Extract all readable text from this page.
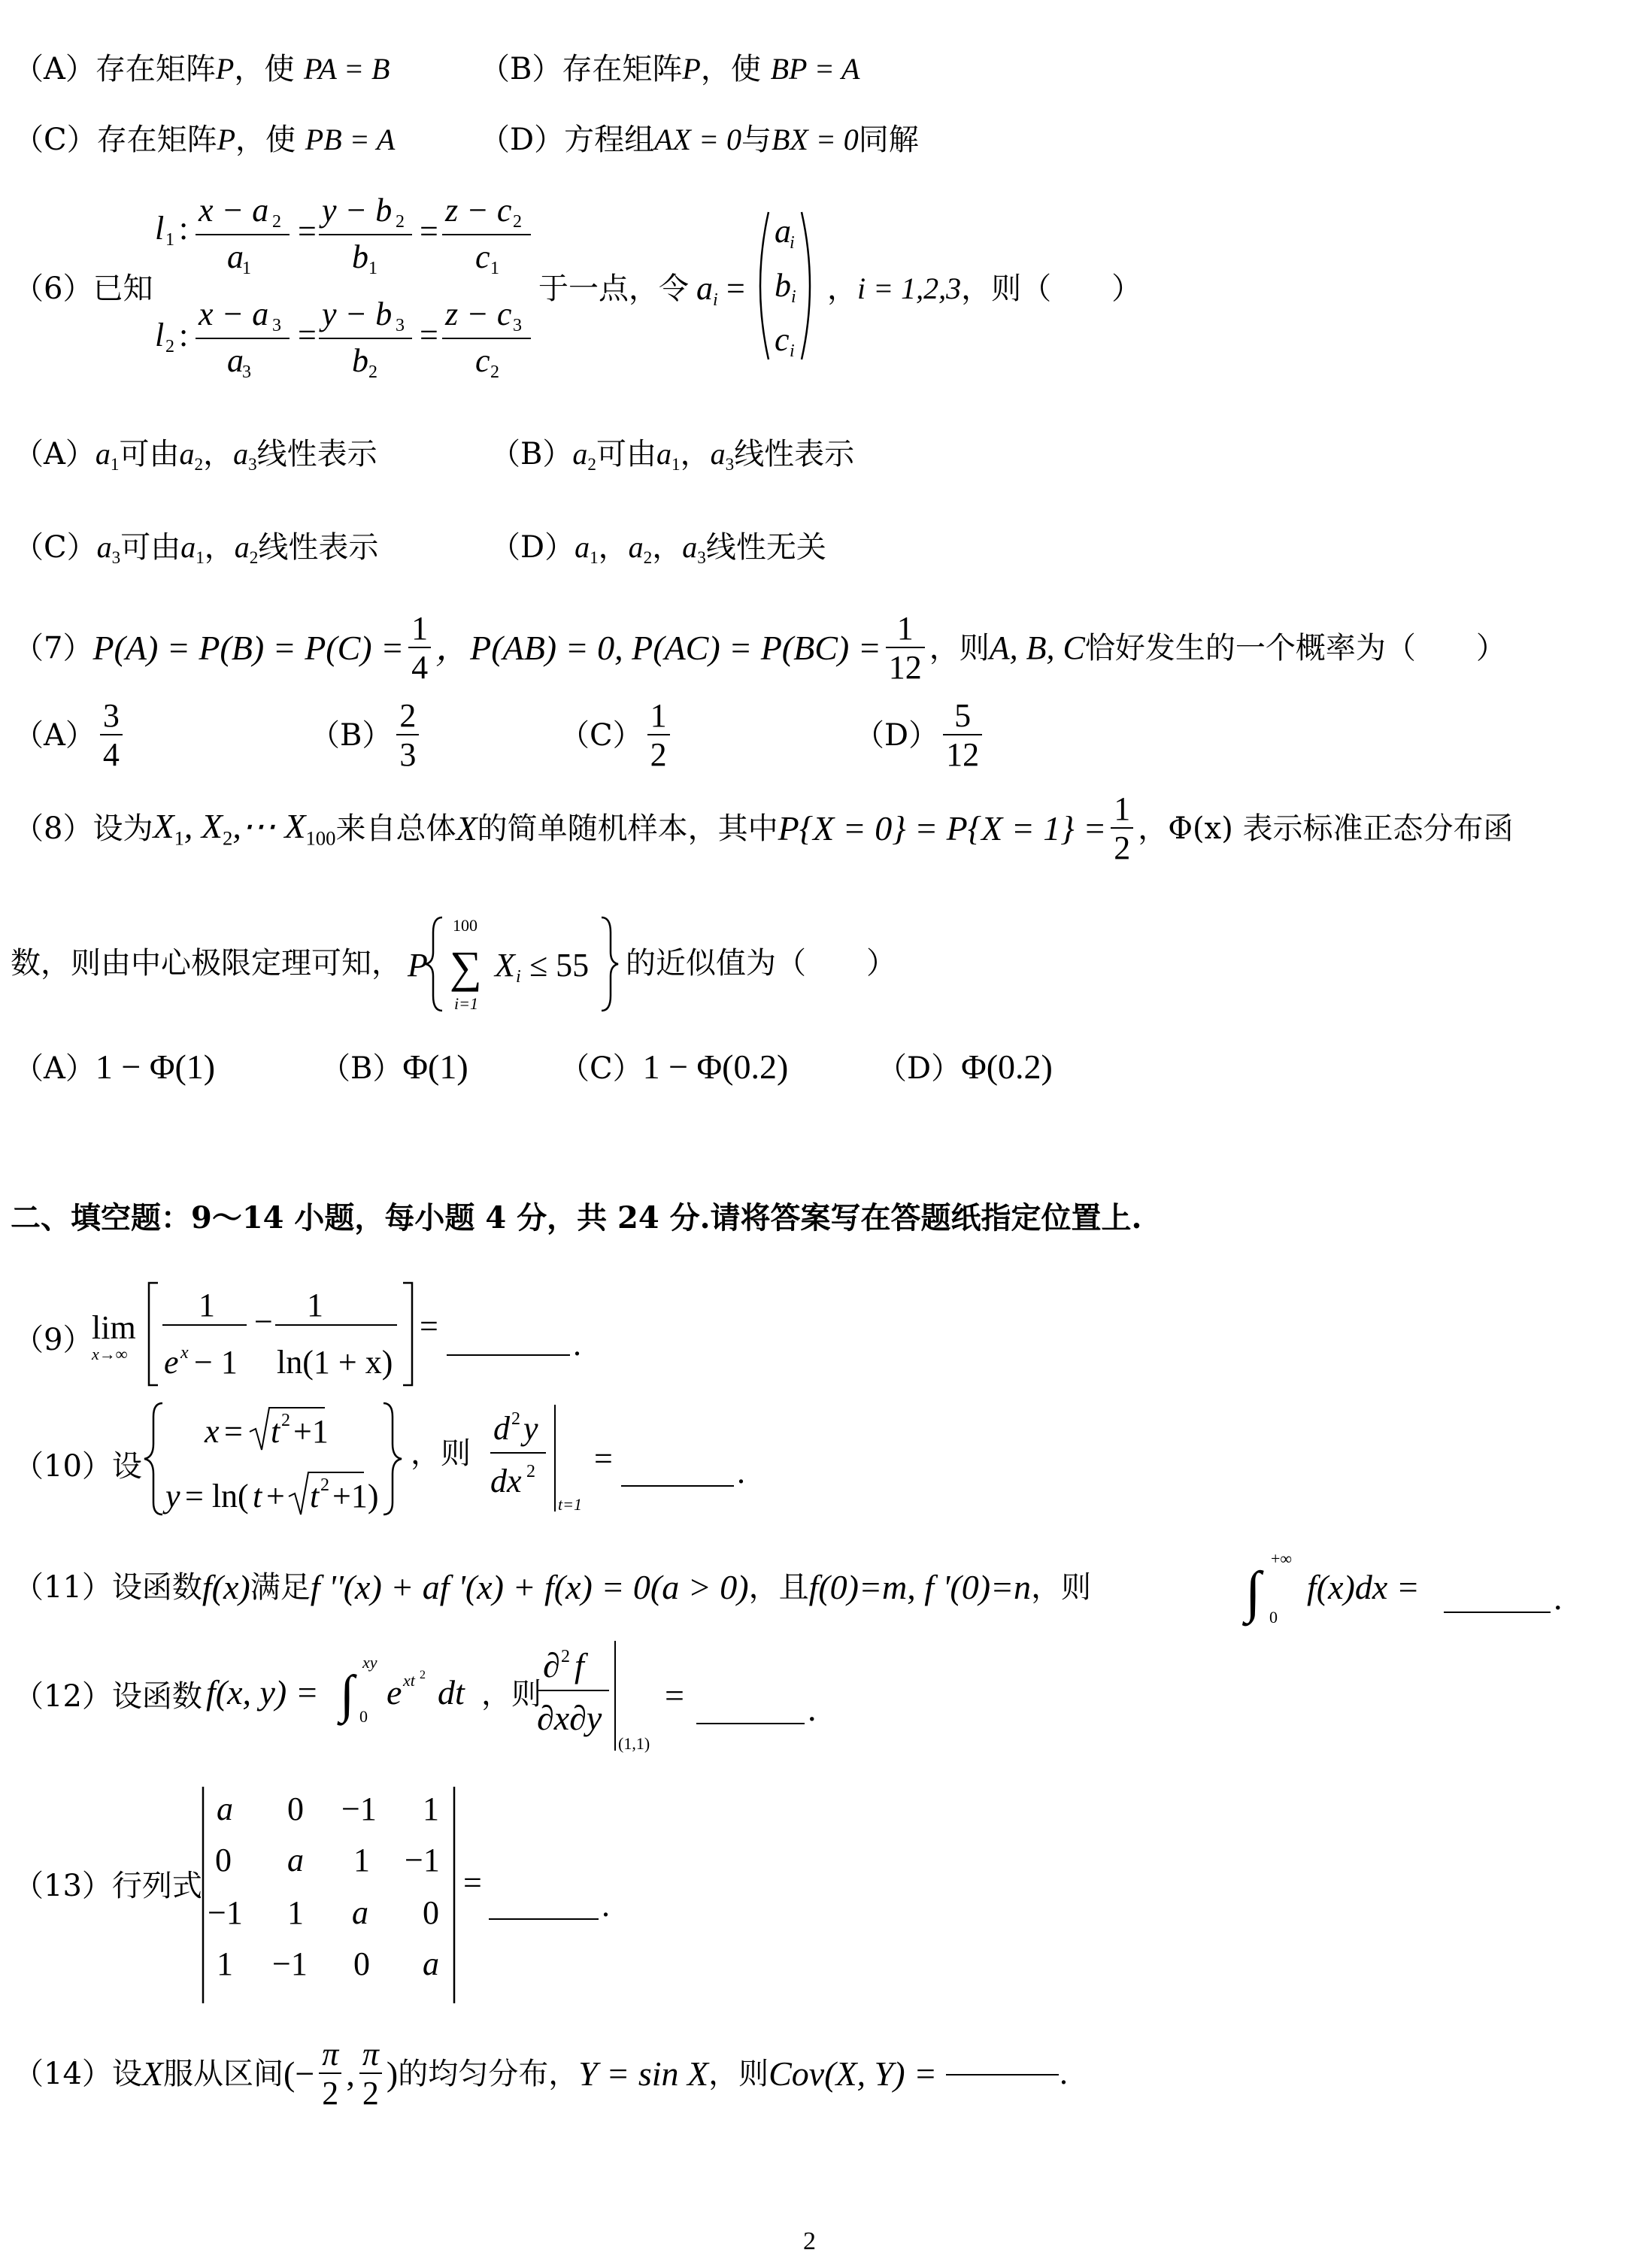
（A）存在矩阵P，使 PA = B	（B）存在矩阵P，使 BP = A
（C）存在矩阵P，使 PB = A	（D）方程组AX = 0与BX = 0同解
（6）已知
l 1 : x − a 2
a
1
=
y − b 2
b 1
=
z − c 2
c 1
l 2 :
x − a 3
a
3
=
y − b 3
b 2
=
z − c 3
c 2
于一点，令 a i =
a
i
b i
c i
，i = 1,2,3，则（　　）
$(A)a_1$可由$a_2$，$a_3$线性表示	$(B)a_2$可由$a_1$，$a_3$线性表示
$(C)a_3$可由$a_1$，$a_2$线性表示	$(D)a_1$，$a_2$，$a_3$线性无关
（7） $P(A) = P(B) = P(C) = \frac{1}{4}$ ，P(AB) = 0, $P(AC) = P(BC) = \frac{1}{12}$ ，则 A, B, C 恰好发生的一个概率为（　　）
$(A) \frac{3}{4}$	$(B) \frac{2}{3}$	$(C) \frac{1}{2}$	$(D) \frac{5}{12}$
（8）设为 $X_1$, $X_2,\cdots$ $X_{100}$ 来自总体 X 的简单随机样本，其中 $P\{X = 0\} = P\{X = 1\} = \frac{1}{2}$ ，Φ(x) 表示标准正态分布函
数，则由中心极限定理可知， P
100
∑
i=1
X i ≤ 55 的近似值为（　　）
（A）1 − Φ(1)	（B）Φ(1)	（C）1 − Φ(0.2)	（D）Φ(0.2)
二、填空题：9～14 小题，每小题 4 分，共 24 分.请将答案写在答题纸指定位置上.
（9）
lim
x→∞
1
e x − 1
− 1
ln(1 + x)
=	.
（10）设
x = t 2 +1
y = ln( t + t 2 +1)
，则
d 2 y
dx 2
t=1
=	.
（11）设函数 f(x) 满足 f ''(x) + af '(x) + f(x) = 0(a > 0) ，且 f(0)=m, f '(0)=n ，则	∫
+∞
0
f(x)dx =	.
（12）设函数 f(x, y) = ∫
xy
0
e xt 2 dt ，则
∂ 2 f
∂x∂y
(1,1)
=	.
（13）行列式
a 0 −1 1
0 a 1 −1
−1 1 a 0
1 −1 0 a
=
.
（14）设 X 服从区间 (− $\frac{\pi}{2}$ , $\frac{\pi}{2}$ ) 的均匀分布， Y = sin X ，则 Cov(X, Y) =	.
2
